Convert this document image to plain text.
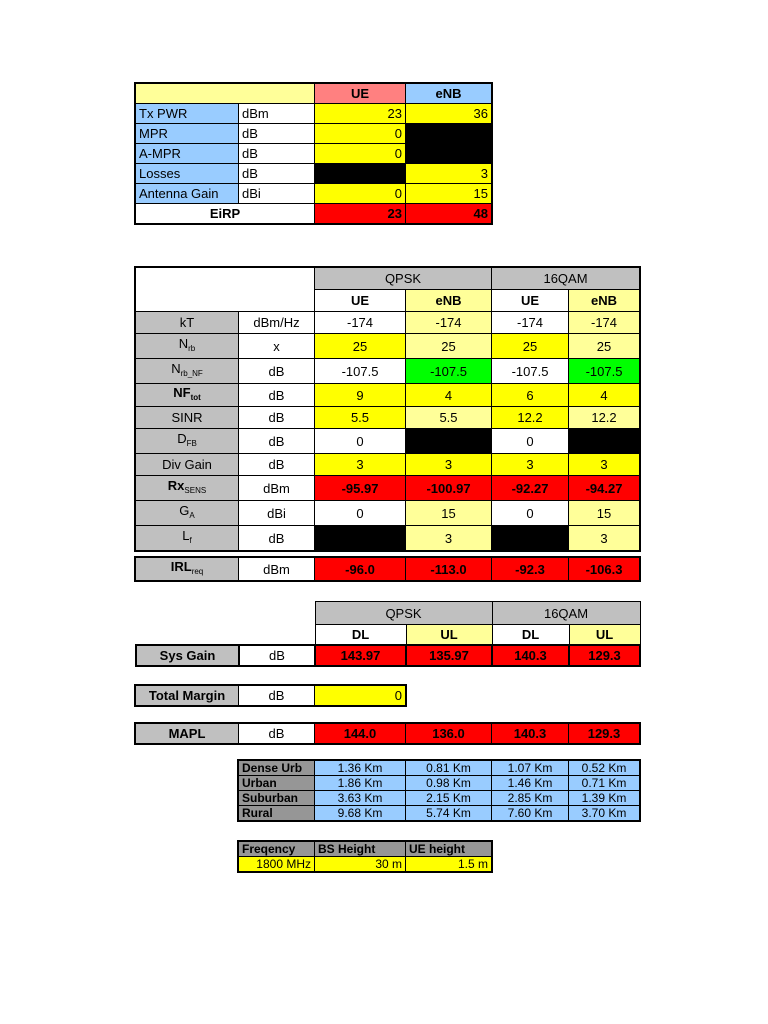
		UE	eNB
Tx PWR	dBm	23	36
MPR	dB	0	
A-MPR	dB	0	
Losses	dB		3
Antenna Gain	dBi	0	15
EiRP		23	48
		QPSK		16QAM	
		UE	eNB	UE	eNB
kT	dBm/Hz	-174	-174	-174	-174
$N_{rb}$	x	25	25	25	25
$N_{rb\_NF}$	dB	-107.5	-107.5	-107.5	-107.5
$NF_{tot}$	dB	9	4	6	4
SINR	dB	5.5	5.5	12.2	12.2
$D_{FB}$	dB	0		0	
Div Gain	dB	3	3	3	3
$Rx_{SENS}$	dBm	-95.97	-100.97	-92.27	-94.27
$G_A$	dBi	0	15	0	15
$L_f$	dB		3		3
$IRL_{req}$	dBm	-96.0	-113.0	-92.3	-106.3
		QPSK		16QAM	
		DL	UL	DL	UL
Sys Gain	dB	143.97	135.97	140.3	129.3
Total Margin	dB	0
MAPL	dB	144.0	136.0	140.3	129.3
Dense Urb	1.36 Km	0.81 Km	1.07 Km	0.52 Km
Urban	1.86 Km	0.98 Km	1.46 Km	0.71 Km
Suburban	3.63 Km	2.15 Km	2.85 Km	1.39 Km
Rural	9.68 Km	5.74 Km	7.60 Km	3.70 Km
Freqency	BS Height	UE height
1800 MHz	30 m	1.5 m
